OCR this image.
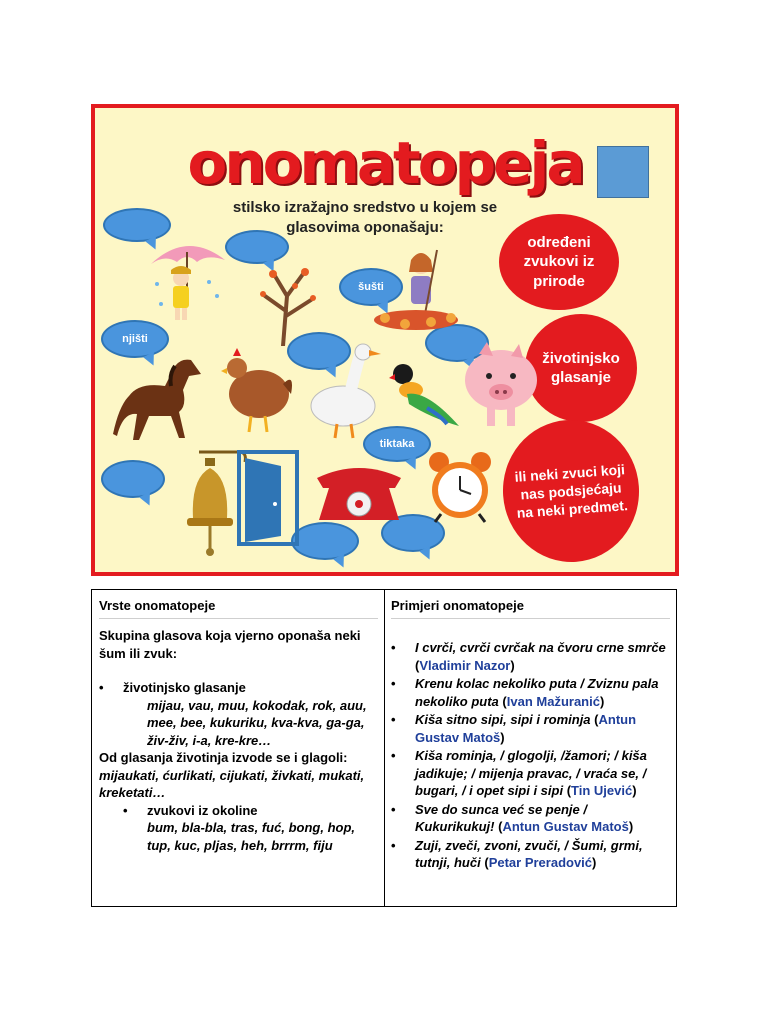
onomatopeja
stilsko izražajno sredstvo u kojem se glasovima oponašaju:
određeni zvukovi iz prirode
životinjsko glasanje
ili neki zvuci koji nas podsjećaju na neki predmet.
šušti
njišti
tiktaka
Vrste onomatopeje
Skupina glasova koja vjerno oponaša neki šum ili zvuk:
•	životinjsko glasanje
mijau, vau, muu, kokodak, rok, auu, mee, bee, kukuriku, kva-kva, ga-ga, živ-živ, i-a, kre-kre…
Od glasanja životinja izvode se i glagoli: mijaukati, ćurlikati, cijukati, živkati, mukati, kreketati…
•	zvukovi iz okoline
bum, bla-bla, tras, fuć, bong, hop, tup, kuc, pljas, heh, brrrm, fiju
Primjeri onomatopeje
•	I cvrči, cvrči cvrčak na čvoru crne smrče (Vladimir Nazor)
•	Krenu kolac nekoliko puta / Zviznu pala nekoliko puta (Ivan Mažuranić)
•	Kiša sitno sipi, sipi i rominja (Antun Gustav Matoš)
•	Kiša rominja, / glogolji, /žamori; / kiša jadikuje; / mijenja pravac, / vraća se, / bugari, / i opet sipi i sipi (Tin Ujević)
•	Sve do sunca već se penje / Kukurikukuj! (Antun Gustav Matoš)
•	Zuji, zveči, zvoni, zvuči, / Šumi, grmi, tutnji, huči (Petar Preradović)
